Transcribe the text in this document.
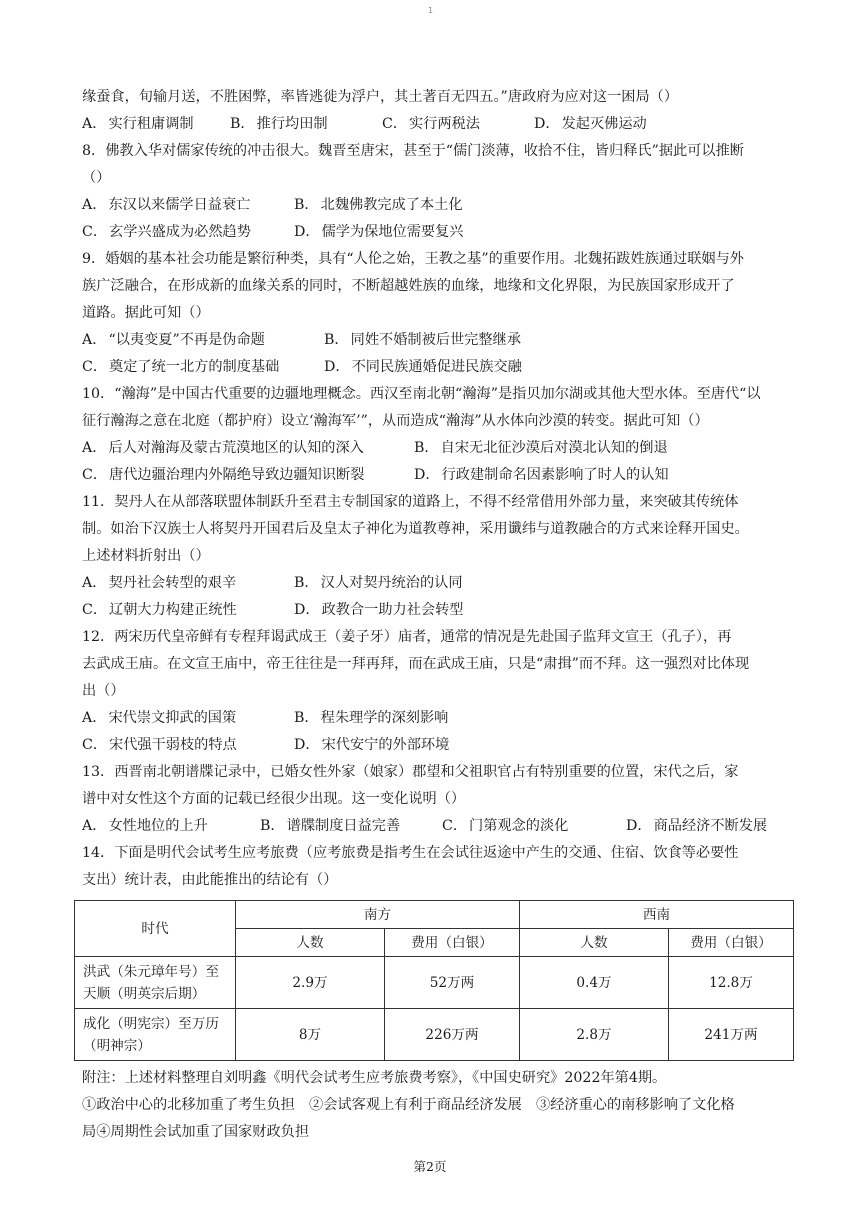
1

缘蚕食，旬输月送，不胜困弊，率皆逃徙为浮户，其土著百无四五。”唐政府为应对这一困局（）

A． 实行租庸调制	B． 推行均田制	C． 实行两税法	D． 发起灭佛运动

8．佛教入华对儒家传统的冲击很大。魏晋至唐宋，甚至于“儒门淡薄，收拾不住，皆归释氏”据此可以推断

（）

A． 东汉以来儒学日益衰亡	B． 北魏佛教完成了本土化
C． 玄学兴盛成为必然趋势	D． 儒学为保地位需要复兴

9．婚姻的基本社会功能是繁衍种类，具有“人伦之始，王教之基”的重要作用。北魏拓跋姓族通过联姻与外

族广泛融合，在形成新的血缘关系的同时，不断超越姓族的血缘，地缘和文化界限，为民族国家形成开了

道路。据此可知（）

A． “以夷变夏”不再是伪命题	B． 同姓不婚制被后世完整继承
C． 奠定了统一北方的制度基础	D． 不同民族通婚促进民族交融

10．“瀚海”是中国古代重要的边疆地理概念。西汉至南北朝“瀚海”是指贝加尔湖或其他大型水体。至唐代“以

征行瀚海之意在北庭（都护府）设立‘瀚海军’”，从而造成“瀚海”从水体向沙漠的转变。据此可知（）

A． 后人对瀚海及蒙古荒漠地区的认知的深入	B． 自宋无北征沙漠后对漠北认知的倒退
C． 唐代边疆治理内外隔绝导致边疆知识断裂	D． 行政建制命名因素影响了时人的认知

11．契丹人在从部落联盟体制跃升至君主专制国家的道路上，不得不经常借用外部力量，来突破其传统体

制。如治下汉族士人将契丹开国君后及皇太子神化为道教尊神，采用谶纬与道教融合的方式来诠释开国史。

上述材料折射出（）

A． 契丹社会转型的艰辛	B． 汉人对契丹统治的认同
C． 辽朝大力构建正统性	D． 政教合一助力社会转型

12．两宋历代皇帝鲜有专程拜谒武成王（姜子牙）庙者，通常的情况是先赴国子监拜文宣王（孔子），再

去武成王庙。在文宣王庙中，帝王往往是一拜再拜，而在武成王庙，只是“肃揖”而不拜。这一强烈对比体现

出（）

A． 宋代崇文抑武的国策	B． 程朱理学的深刻影响
C． 宋代强干弱枝的特点	D． 宋代安宁的外部环境

13．西晋南北朝谱牒记录中，已婚女性外家（娘家）郡望和父祖职官占有特别重要的位置，宋代之后，家

谱中对女性这个方面的记载已经很少出现。这一变化说明（）

A． 女性地位的上升	B． 谱牒制度日益完善	C． 门第观念的淡化	D． 商品经济不断发展

14．下面是明代会试考生应考旅费（应考旅费是指考生在会试往返途中产生的交通、住宿、饮食等必要性

支出）统计表，由此能推出的结论有（）

时代	南方		西南	
	人数	费用（白银）	人数	费用（白银）
洪武（朱元璋年号）至
天顺（明英宗后期）	2.9万	52万两	0.4万	12.8万
成化（明宪宗）至万历
（明神宗）	8万	226万两	2.8万	241万两

附注：上述材料整理自刘明鑫《明代会试考生应考旅费考察》，《中国史研究》2022年第4期。

①政治中心的北移加重了考生负担　②会试客观上有利于商品经济发展　③经济重心的南移影响了文化格

局④周期性会试加重了国家财政负担

第2页
